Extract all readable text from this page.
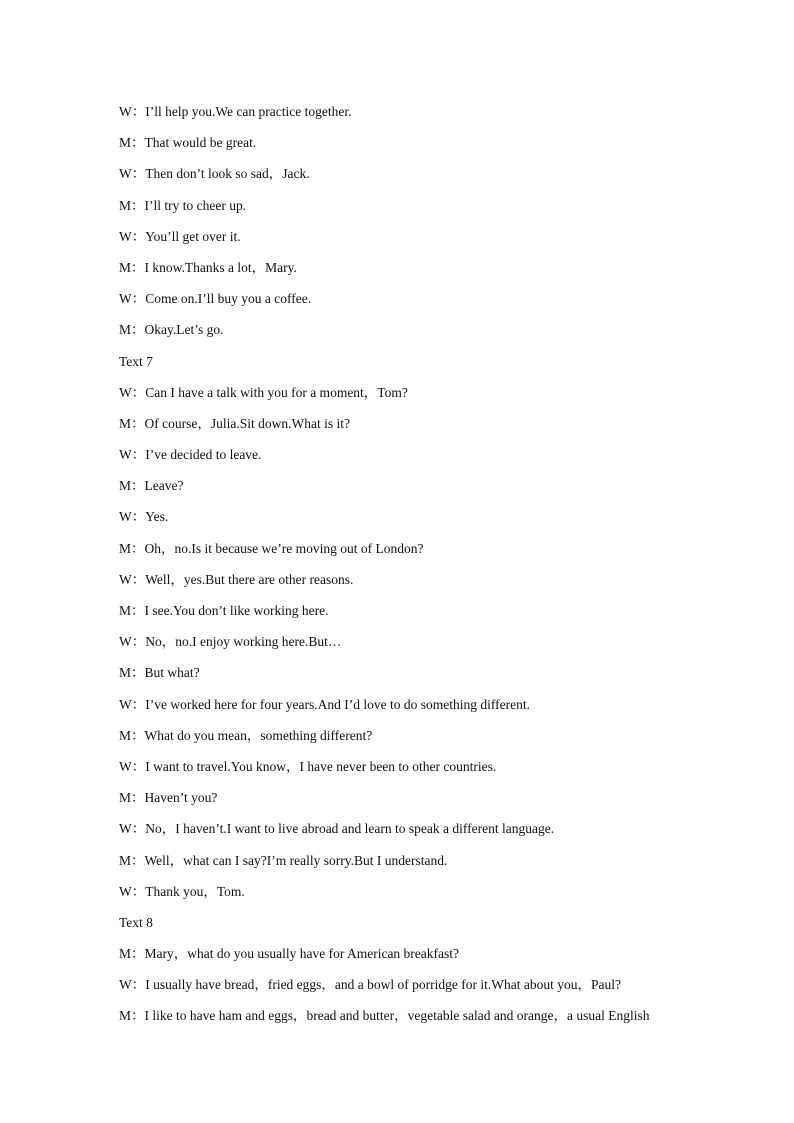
W：I’ll help you.We can practice together.
M：That would be great.
W：Then don’t look so sad，Jack.
M：I’ll try to cheer up.
W：You’ll get over it.
M：I know.Thanks a lot，Mary.
W：Come on.I’ll buy you a coffee.
M：Okay.Let’s go.
Text 7
W：Can I have a talk with you for a moment，Tom?
M：Of course，Julia.Sit down.What is it?
W：I’ve decided to leave.
M：Leave?
W：Yes.
M：Oh，no.Is it because we’re moving out of London?
W：Well，yes.But there are other reasons.
M：I see.You don’t like working here.
W：No，no.I enjoy working here.But…
M：But what?
W：I’ve worked here for four years.And I’d love to do something different.
M：What do you mean，something different?
W：I want to travel.You know，I have never been to other countries.
M：Haven’t you?
W：No，I haven’t.I want to live abroad and learn to speak a different language.
M：Well，what can I say?I’m really sorry.But I understand.
W：Thank you，Tom.
Text 8
M：Mary，what do you usually have for American breakfast?
W：I usually have bread，fried eggs，and a bowl of porridge for it.What about you，Paul?
M：I like to have ham and eggs，bread and butter，vegetable salad and orange，a usual English
